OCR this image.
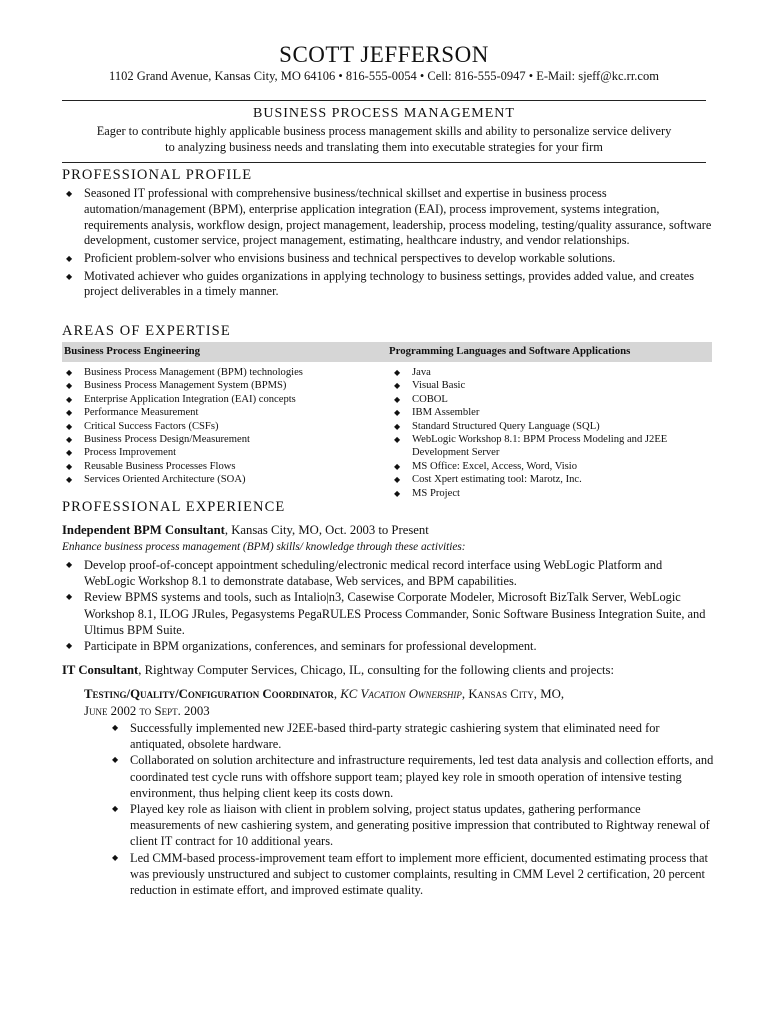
SCOTT JEFFERSON
1102 Grand Avenue, Kansas City, MO 64106 • 816-555-0054 • Cell: 816-555-0947 • E-Mail: sjeff@kc.rr.com
BUSINESS PROCESS MANAGEMENT
Eager to contribute highly applicable business process management skills and ability to personalize service delivery
to analyzing business needs and translating them into executable strategies for your firm
PROFESSIONAL PROFILE
◆ Seasoned IT professional with comprehensive business/technical skillset and expertise in business process automation/management (BPM), enterprise application integration (EAI), process improvement, systems integration, requirements analysis, workflow design, project management, leadership, process modeling, testing/quality assurance, software development, customer service, project management, estimating, healthcare industry, and vendor relationships.
◆ Proficient problem-solver who envisions business and technical perspectives to develop workable solutions.
◆ Motivated achiever who guides organizations in applying technology to business settings, provides added value, and creates project deliverables in a timely manner.
AREAS OF EXPERTISE
Business Process Engineering	Programming Languages and Software Applications
◆ Business Process Management (BPM) technologies
◆ Business Process Management System (BPMS)
◆ Enterprise Application Integration (EAI) concepts
◆ Performance Measurement
◆ Critical Success Factors (CSFs)
◆ Business Process Design/Measurement
◆ Process Improvement
◆ Reusable Business Processes Flows
◆ Services Oriented Architecture (SOA)
◆ Java
◆ Visual Basic
◆ COBOL
◆ IBM Assembler
◆ Standard Structured Query Language (SQL)
◆ WebLogic Workshop 8.1: BPM Process Modeling and J2EE Development Server
◆ MS Office: Excel, Access, Word, Visio
◆ Cost Xpert estimating tool: Marotz, Inc.
◆ MS Project
PROFESSIONAL EXPERIENCE
Independent BPM Consultant, Kansas City, MO, Oct. 2003 to Present
Enhance business process management (BPM) skills/ knowledge through these activities:
◆ Develop proof-of-concept appointment scheduling/electronic medical record interface using WebLogic Platform and WebLogic Workshop 8.1 to demonstrate database, Web services, and BPM capabilities.
◆ Review BPMS systems and tools, such as Intalio|n3, Casewise Corporate Modeler, Microsoft BizTalk Server, WebLogic Workshop 8.1, ILOG JRules, Pegasystems PegaRULES Process Commander, Sonic Software Business Integration Suite, and Ultimus BPM Suite.
◆ Participate in BPM organizations, conferences, and seminars for professional development.
IT Consultant, Rightway Computer Services, Chicago, IL, consulting for the following clients and projects:
Testing/Quality/Configuration Coordinator, KC Vacation Ownership, Kansas City, MO,
June 2002 to Sept. 2003
◆ Successfully implemented new J2EE-based third-party strategic cashiering system that eliminated need for antiquated, obsolete hardware.
◆ Collaborated on solution architecture and infrastructure requirements, led test data analysis and collection efforts, and coordinated test cycle runs with offshore support team; played key role in smooth operation of intensive testing environment, thus helping client keep its costs down.
◆ Played key role as liaison with client in problem solving, project status updates, gathering performance measurements of new cashiering system, and generating positive impression that contributed to Rightway renewal of client IT contract for 10 additional years.
◆ Led CMM-based process-improvement team effort to implement more efficient, documented estimating process that was previously unstructured and subject to customer complaints, resulting in CMM Level 2 certification, 20 percent reduction in estimate effort, and improved estimate quality.
